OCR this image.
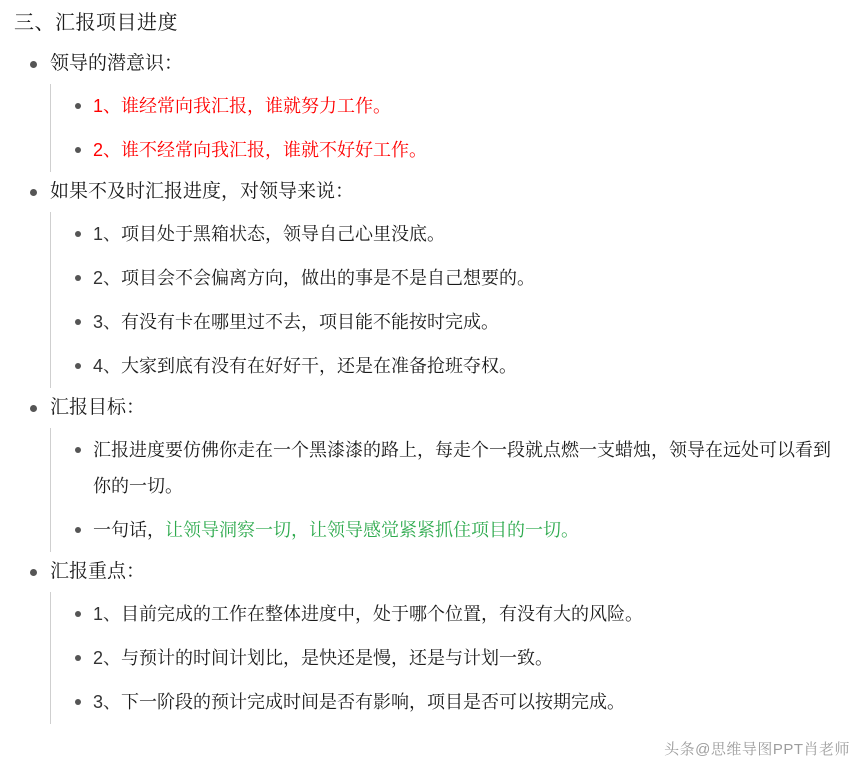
三、汇报项目进度
领导的潜意识：
1、谁经常向我汇报，谁就努力工作。
2、谁不经常向我汇报，谁就不好好工作。
如果不及时汇报进度，对领导来说：
1、项目处于黑箱状态，领导自己心里没底。
2、项目会不会偏离方向，做出的事是不是自己想要的。
3、有没有卡在哪里过不去，项目能不能按时完成。
4、大家到底有没有在好好干，还是在准备抢班夺权。
汇报目标：
汇报进度要仿佛你走在一个黑漆漆的路上，每走个一段就点燃一支蜡烛，领导在远处可以看到你的一切。
一句话，让领导洞察一切，让领导感觉紧紧抓住项目的一切。
汇报重点：
1、目前完成的工作在整体进度中，处于哪个位置，有没有大的风险。
2、与预计的时间计划比，是快还是慢，还是与计划一致。
3、下一阶段的预计完成时间是否有影响，项目是否可以按期完成。
头条@思维导图PPT肖老师
